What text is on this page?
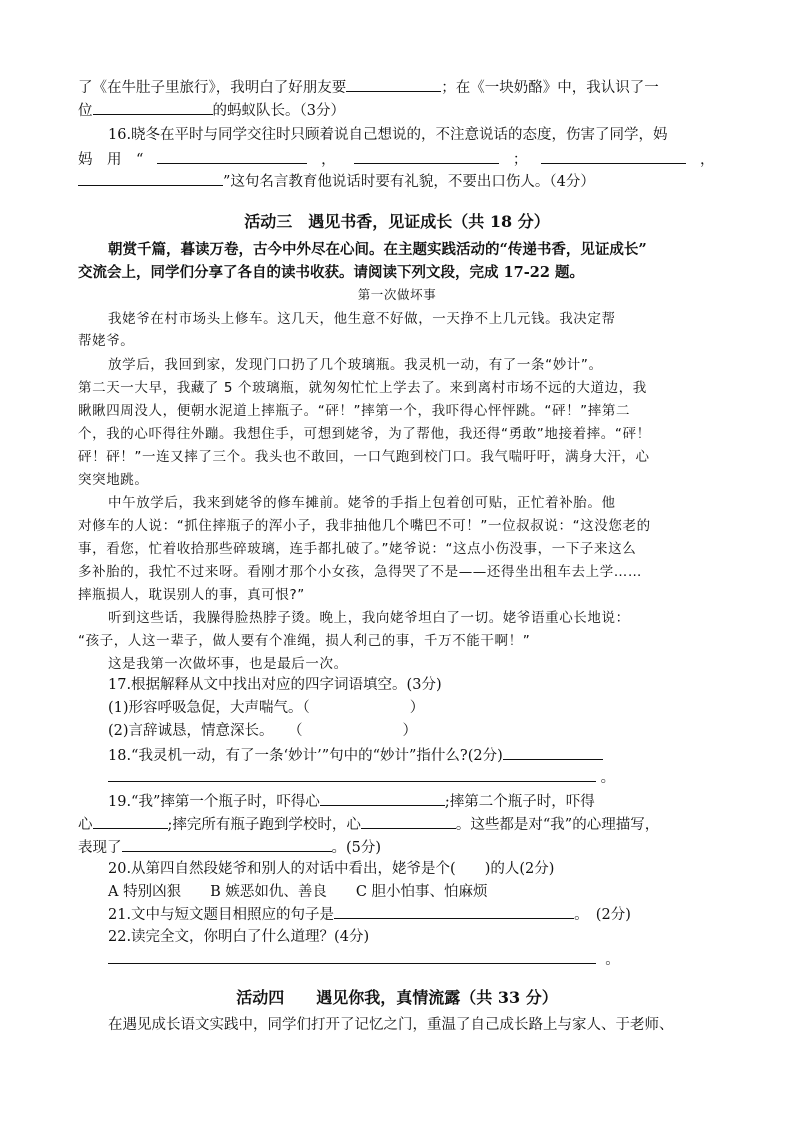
了《在牛肚子里旅行》，我明白了好朋友要	；在《一块奶酪》中，我认识了一
位	的蚂蚁队长。（3分）
16.晓冬在平时与同学交往时只顾着说自己想说的，不注意说话的态度，伤害了同学，妈
妈　用　“	，	；	，
”这句名言教育他说话时要有礼貌，不要出口伤人。（4分）
活动三　遇见书香，见证成长（共 18 分）
朝赏千篇，暮读万卷，古今中外尽在心间。在主题实践活动的“传递书香，见证成长”
交流会上，同学们分享了各自的读书收获。请阅读下列文段，完成 17-22 题。
第一次做坏事
我姥爷在村市场头上修车。这几天，他生意不好做，一天挣不上几元钱。我决定帮
帮姥爷。
放学后，我回到家，发现门口扔了几个玻璃瓶。我灵机一动，有了一条“妙计”。
第二天一大早，我藏了 5 个玻璃瓶，就匆匆忙忙上学去了。来到离村市场不远的大道边，我
瞅瞅四周没人，便朝水泥道上摔瓶子。“砰！”摔第一个，我吓得心怦怦跳。“砰！”摔第二
个，我的心吓得往外蹦。我想住手，可想到姥爷，为了帮他，我还得“勇敢”地接着摔。“砰！
砰！砰！”一连又摔了三个。我头也不敢回，一口气跑到校门口。我气喘吁吁，满身大汗，心
突突地跳。
中午放学后，我来到姥爷的修车摊前。姥爷的手指上包着创可贴，正忙着补胎。他
对修车的人说：“抓住摔瓶子的浑小子，我非抽他几个嘴巴不可！”一位叔叔说：“这没您老的
事，看您，忙着收拾那些碎玻璃，连手都扎破了。”姥爷说：“这点小伤没事，一下子来这么
多补胎的，我忙不过来呀。看刚才那个小女孩，急得哭了不是——还得坐出租车去上学……
摔瓶损人，耽误别人的事，真可恨?”
听到这些话，我臊得脸热脖子烫。晚上，我向姥爷坦白了一切。姥爷语重心长地说：
“孩子，人这一辈子，做人要有个准绳，损人利己的事，千万不能干啊！”
这是我第一次做坏事，也是最后一次。
17.根据解释从文中找出对应的四字词语填空。(3分)
(1)形容呼吸急促，大声喘气。（	）
(2)言辞诚恳，情意深长。　　（	）
18.“我灵机一动，有了一条‘妙计’”句中的“妙计”指什么?(2分)
。
19.“我”摔第一个瓶子时，吓得心	;摔第二个瓶子时，吓得
心	;摔完所有瓶子跑到学校时，心	。这些都是对“我”的心理描写，
表现了	。(5分)
20.从第四自然段姥爷和别人的对话中看出，姥爷是个(　　)的人(2分)
A 特别凶狠　　B 嫉恶如仇、善良　　C 胆小怕事、怕麻烦
21.文中与短文题目相照应的句子是	。　(2分)
22.读完全文，你明白了什么道理？(4分)
。
活动四　　遇见你我，真情流露（共 33 分）
在遇见成长语文实践中，同学们打开了记忆之门，重温了自己成长路上与家人、于老师、
